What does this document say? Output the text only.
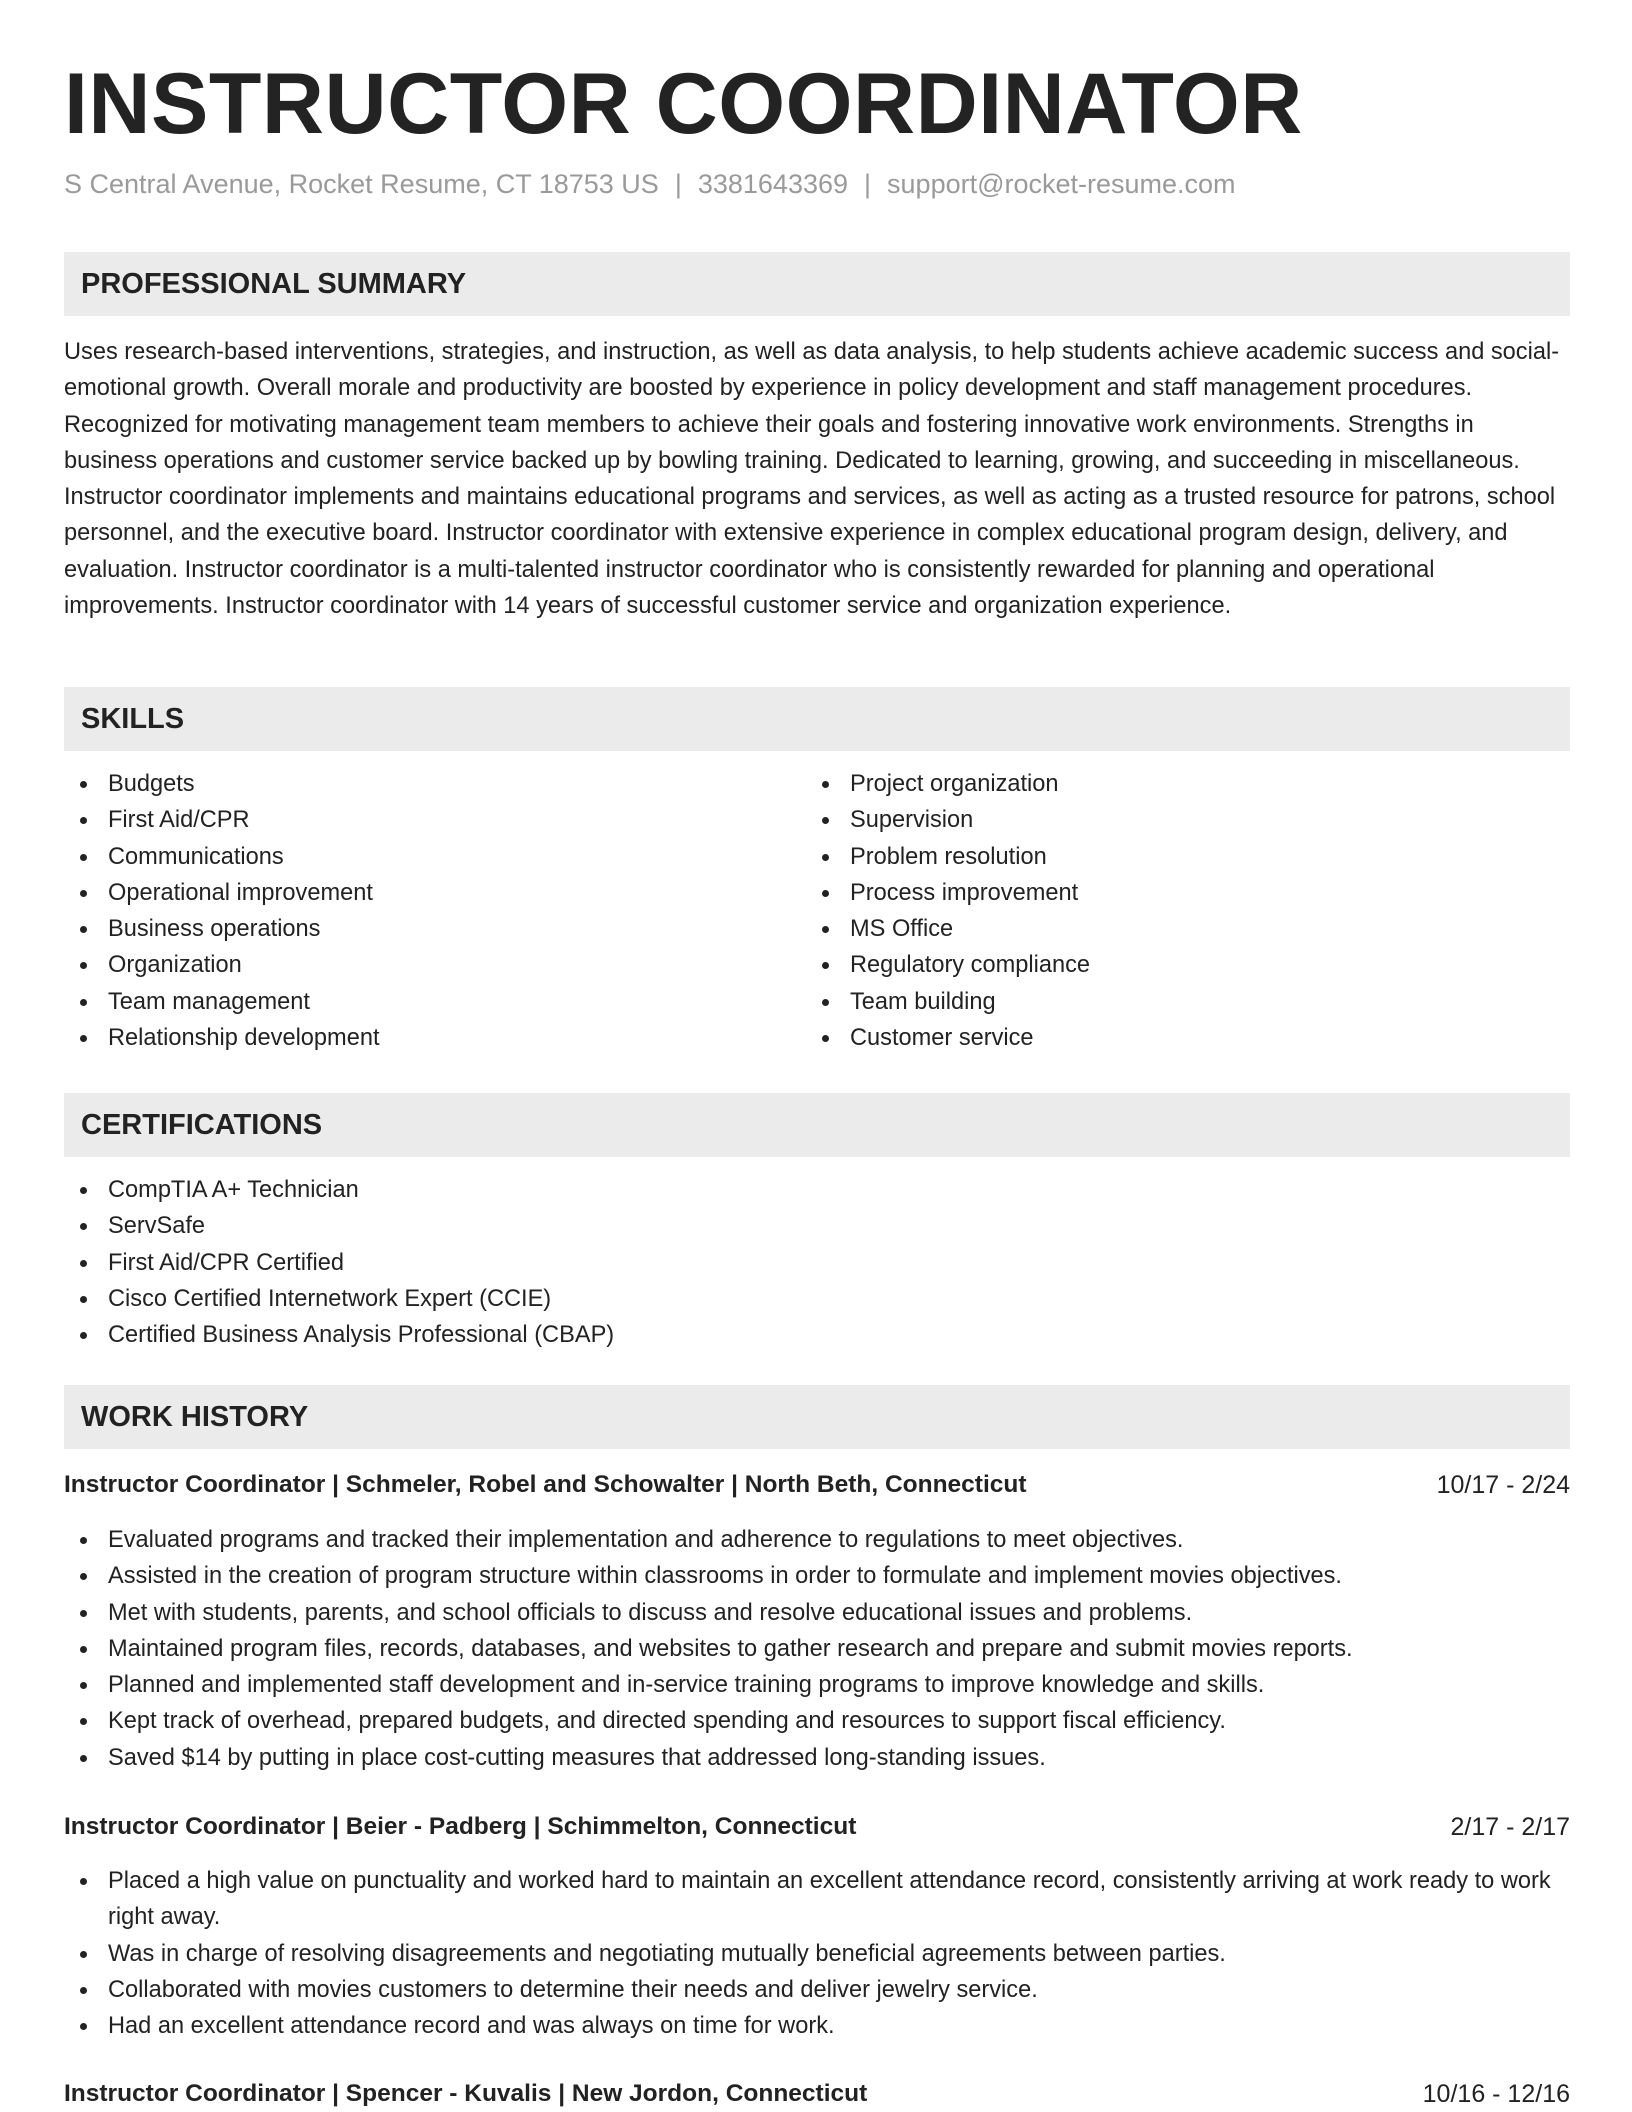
INSTRUCTOR COORDINATOR
S Central Avenue, Rocket Resume, CT 18753 US | 3381643369 | support@rocket-resume.com
PROFESSIONAL SUMMARY

Uses research-based interventions, strategies, and instruction, as well as data analysis, to help students achieve academic success and social-emotional growth. Overall morale and productivity are boosted by experience in policy development and staff management procedures. Recognized for motivating management team members to achieve their goals and fostering innovative work environments. Strengths in business operations and customer service backed up by bowling training. Dedicated to learning, growing, and succeeding in miscellaneous. Instructor coordinator implements and maintains educational programs and services, as well as acting as a trusted resource for patrons, school personnel, and the executive board. Instructor coordinator with extensive experience in complex educational program design, delivery, and evaluation. Instructor coordinator is a multi-talented instructor coordinator who is consistently rewarded for planning and operational improvements. Instructor coordinator with 14 years of successful customer service and organization experience.

SKILLS
Budgets
First Aid/CPR
Communications
Operational improvement
Business operations
Organization
Team management
Relationship development
Project organization
Supervision
Problem resolution
Process improvement
MS Office
Regulatory compliance
Team building
Customer service
CERTIFICATIONS
CompTIA A+ Technician
ServSafe
First Aid/CPR Certified
Cisco Certified Internetwork Expert (CCIE)
Certified Business Analysis Professional (CBAP)
WORK HISTORY
Instructor Coordinator | Schmeler, Robel and Schowalter | North Beth, Connecticut	10/17 - 2/24
Evaluated programs and tracked their implementation and adherence to regulations to meet objectives.
Assisted in the creation of program structure within classrooms in order to formulate and implement movies objectives.
Met with students, parents, and school officials to discuss and resolve educational issues and problems.
Maintained program files, records, databases, and websites to gather research and prepare and submit movies reports.
Planned and implemented staff development and in-service training programs to improve knowledge and skills.
Kept track of overhead, prepared budgets, and directed spending and resources to support fiscal efficiency.
Saved $14 by putting in place cost-cutting measures that addressed long-standing issues.
Instructor Coordinator | Beier - Padberg | Schimmelton, Connecticut	2/17 - 2/17
Placed a high value on punctuality and worked hard to maintain an excellent attendance record, consistently arriving at work ready to work right away.
Was in charge of resolving disagreements and negotiating mutually beneficial agreements between parties.
Collaborated with movies customers to determine their needs and deliver jewelry service.
Had an excellent attendance record and was always on time for work.
Instructor Coordinator | Spencer - Kuvalis | New Jordon, Connecticut	10/16 - 12/16
